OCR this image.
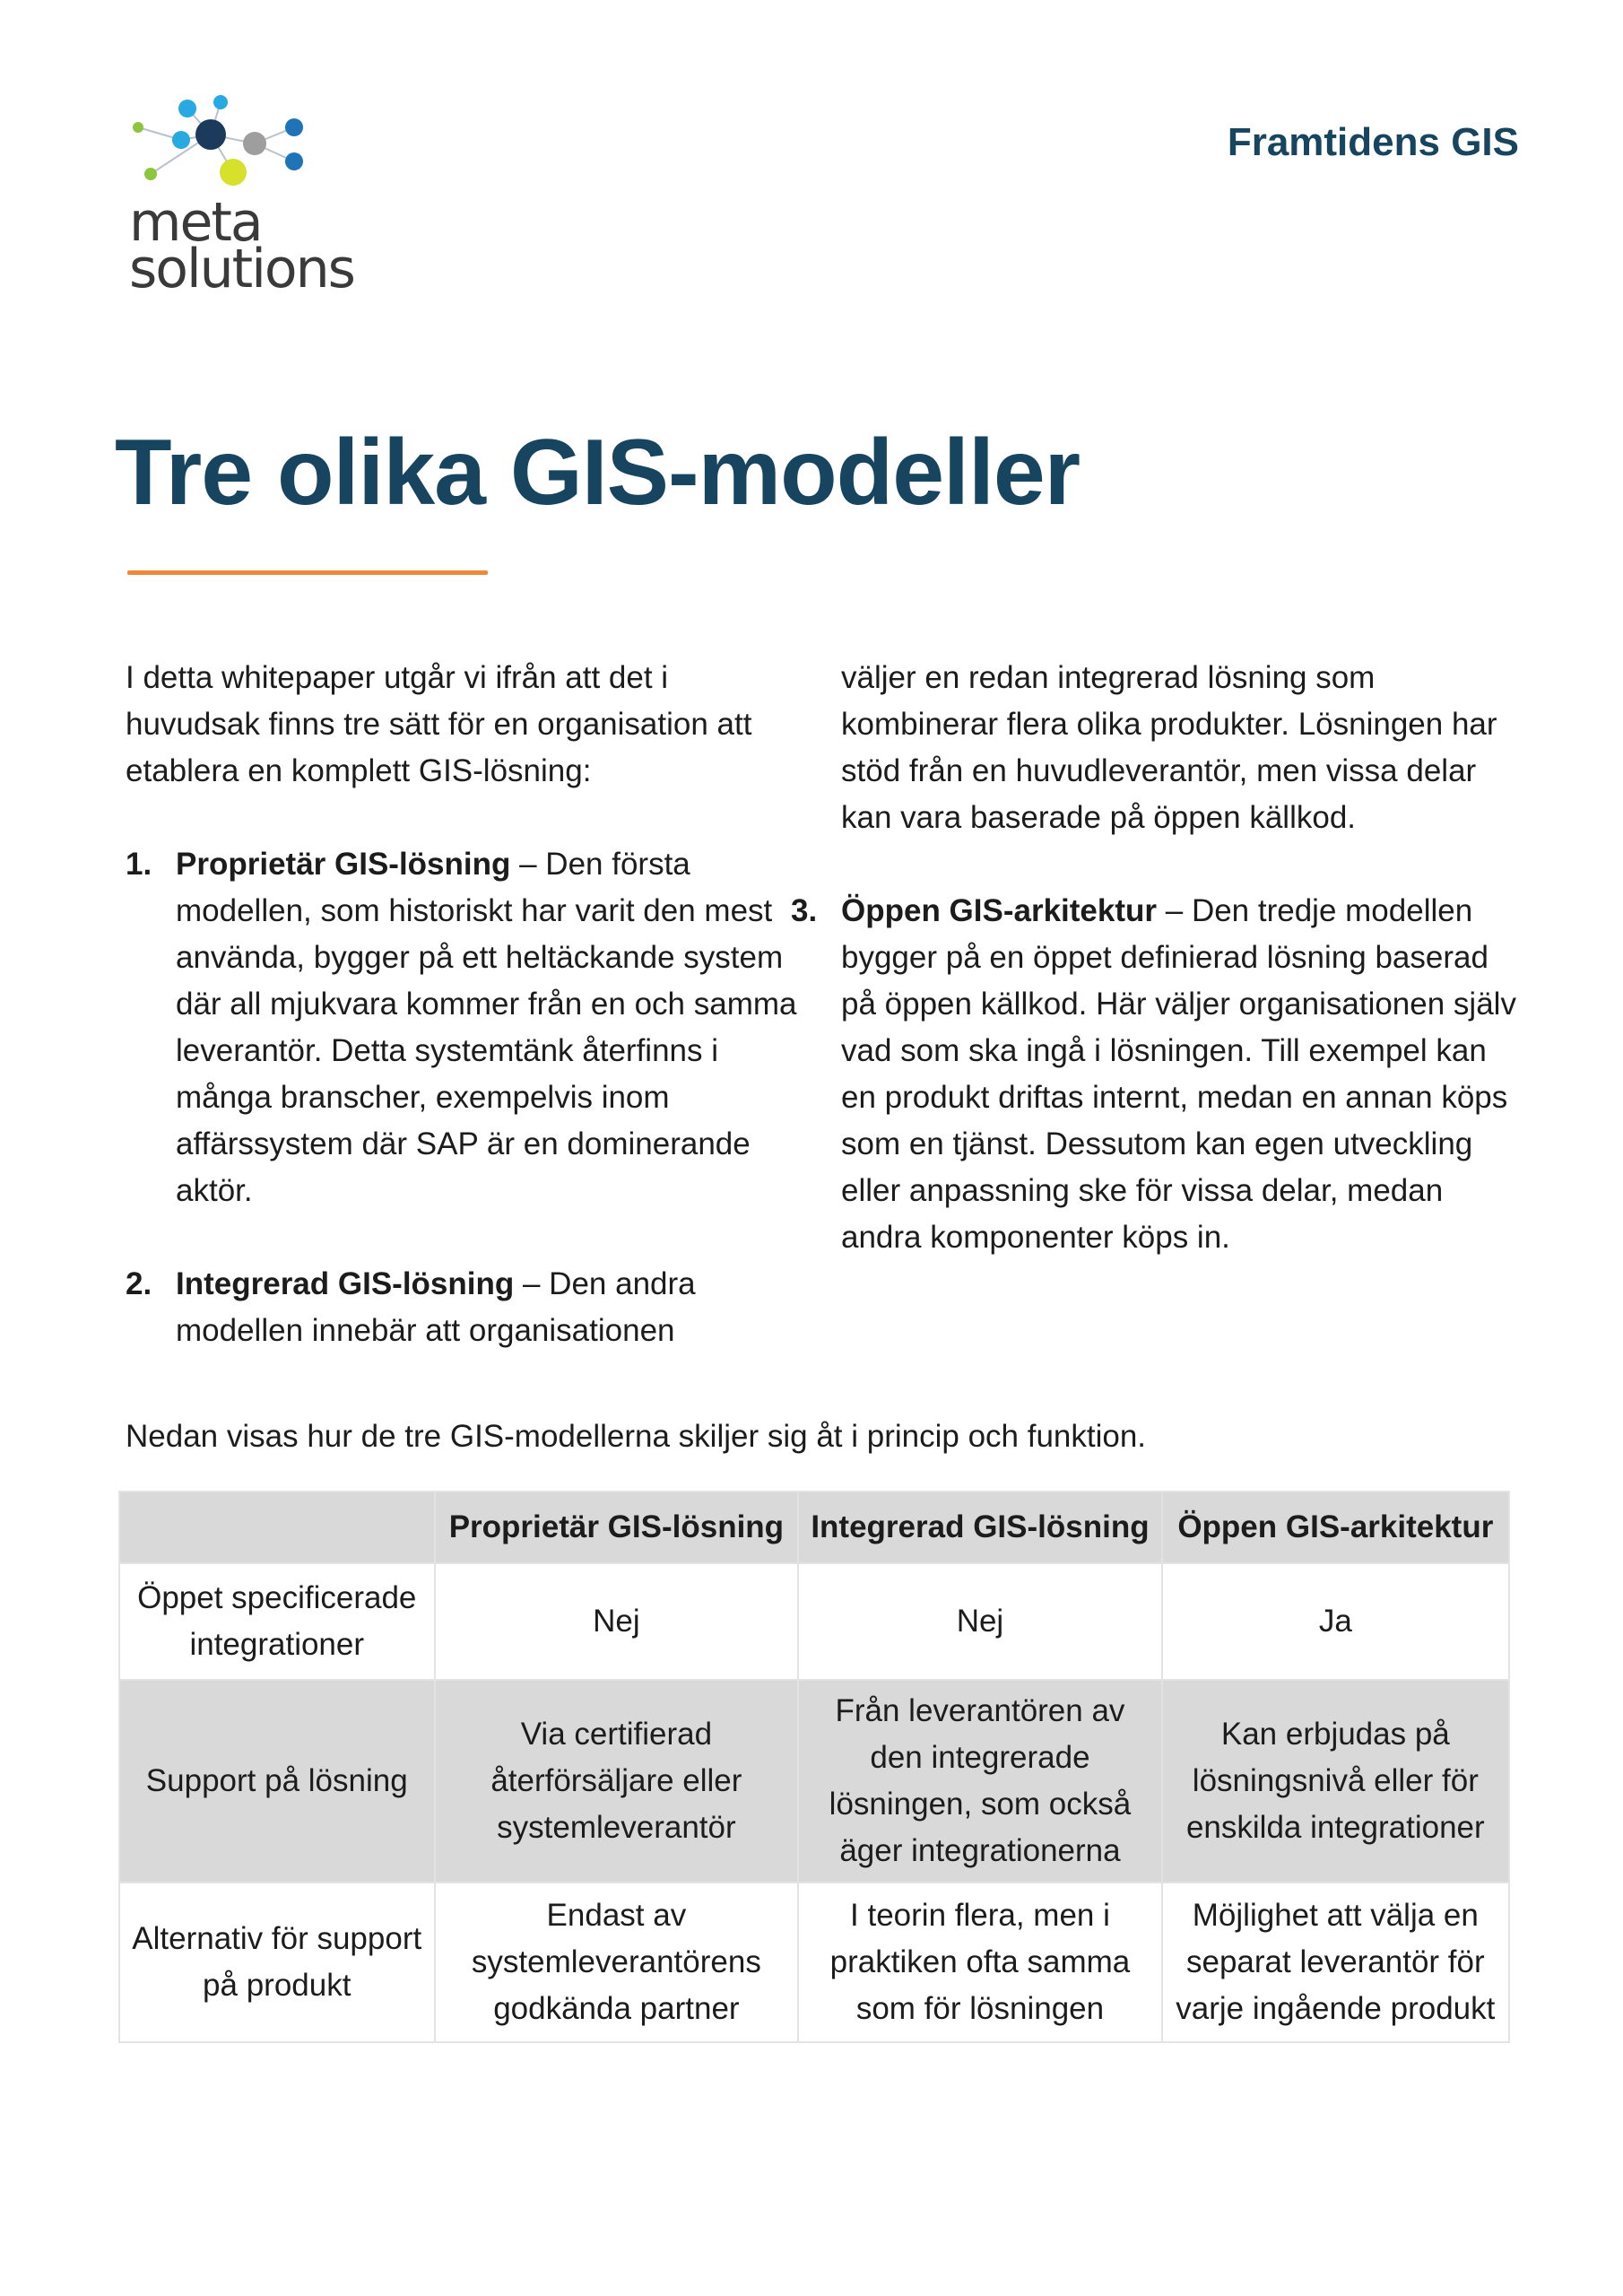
meta
solutions
Framtidens GIS
Tre olika GIS-modeller

I detta whitepaper utgår vi ifrån att det i huvudsak finns tre sätt för en organisation att etablera en komplett GIS-lösning:

1. Proprietär GIS-lösning – Den första modellen, som historiskt har varit den mest använda, bygger på ett heltäckande system där all mjukvara kommer från en och samma leverantör. Detta systemtänk återfinns i många branscher, exempelvis inom affärssystem där SAP är en dominerande aktör.
2. Integrerad GIS-lösning – Den andra modellen innebär att organisationen

väljer en redan integrerad lösning som kombinerar flera olika produkter. Lösningen har stöd från en huvudleverantör, men vissa delar kan vara baserade på öppen källkod.

3. Öppen GIS-arkitektur – Den tredje modellen bygger på en öppet definierad lösning baserad på öppen källkod. Här väljer organisationen själv vad som ska ingå i lösningen. Till exempel kan en produkt driftas internt, medan en annan köps som en tjänst. Dessutom kan egen utveckling eller anpassning ske för vissa delar, medan andra komponenter köps in.
Nedan visas hur de tre GIS-modellerna skiljer sig åt i princip och funktion.
	Proprietär GIS-lösning	Integrerad GIS-lösning	Öppen GIS-arkitektur
Öppet specificerade integrationer	Nej	Nej	Ja
Support på lösning	Via certifierad återförsäljare eller systemleverantör	Från leverantören av den integrerade lösningen, som också äger integrationerna	Kan erbjudas på lösningsnivå eller för enskilda integrationer
Alternativ för support på produkt	Endast av systemleverantörens godkända partner	I teorin flera, men i praktiken ofta samma som för lösningen	Möjlighet att välja en separat leverantör för varje ingående produkt
